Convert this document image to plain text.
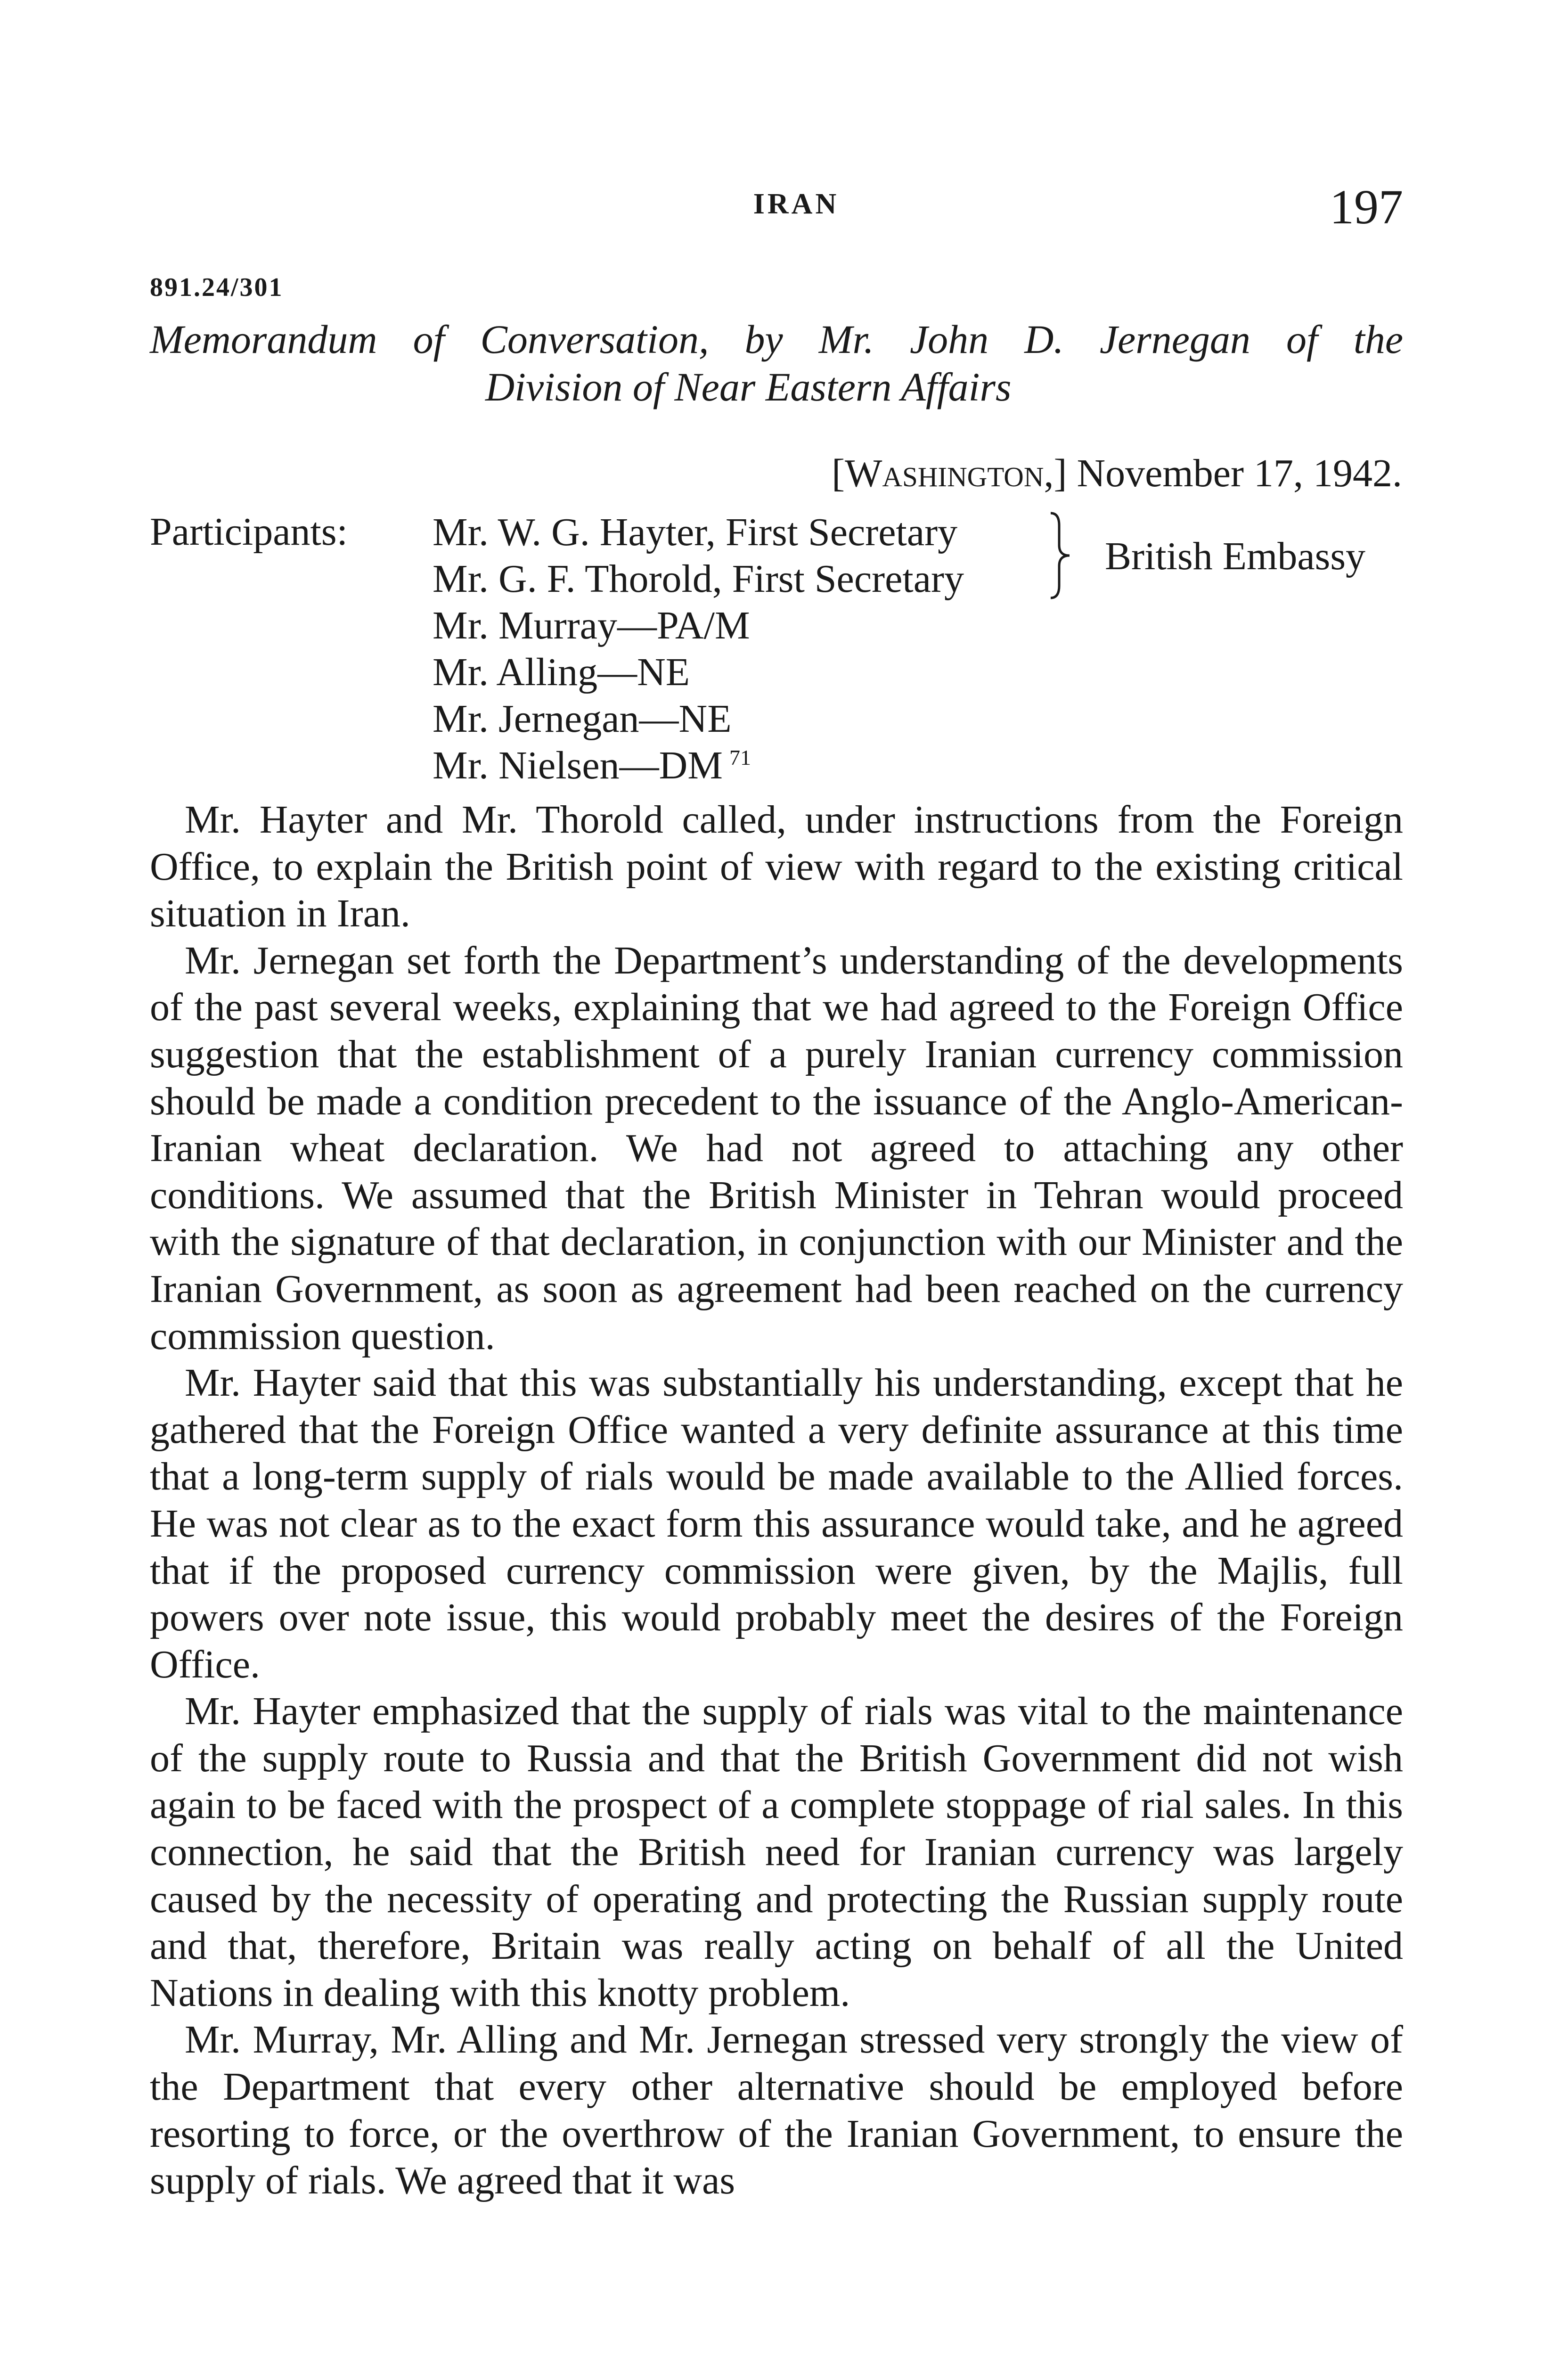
IRAN	197
891.24/301
Memorandum of Conversation, by Mr. John D. Jernegan of the
Division of Near Eastern Affairs
[Washington,] November 17, 1942.
Participants: Mr. W. G. Hayter, First Secretary
Mr. G. F. Thorold, First Secretary
Mr. Murray—PA/M
Mr. Alling—NE
Mr. Jernegan—NE
Mr. Nielsen—DM $^{71}$
British Embassy

Mr. Hayter and Mr. Thorold called, under instructions from the Foreign Office, to explain the British point of view with regard to the existing critical situation in Iran.

Mr. Jernegan set forth the Department’s understanding of the developments of the past several weeks, explaining that we had agreed to the Foreign Office suggestion that the establishment of a purely Iranian currency commission should be made a condition precedent to the issuance of the Anglo-American-Iranian wheat declaration. We had not agreed to attaching any other conditions. We assumed that the British Minister in Tehran would proceed with the signature of that declaration, in conjunction with our Minister and the Iranian Government, as soon as agreement had been reached on the currency commission question.

Mr. Hayter said that this was substantially his understanding, except that he gathered that the Foreign Office wanted a very definite assurance at this time that a long-term supply of rials would be made available to the Allied forces. He was not clear as to the exact form this assurance would take, and he agreed that if the proposed currency commission were given, by the Majlis, full powers over note issue, this would probably meet the desires of the Foreign Office.

Mr. Hayter emphasized that the supply of rials was vital to the maintenance of the supply route to Russia and that the British Government did not wish again to be faced with the prospect of a complete stoppage of rial sales. In this connection, he said that the British need for Iranian currency was largely caused by the necessity of operating and protecting the Russian supply route and that, therefore, Britain was really acting on behalf of all the United Nations in dealing with this knotty problem.

Mr. Murray, Mr. Alling and Mr. Jernegan stressed very strongly the view of the Department that every other alternative should be employed before resorting to force, or the overthrow of the Iranian Government, to ensure the supply of rials. We agreed that it was
